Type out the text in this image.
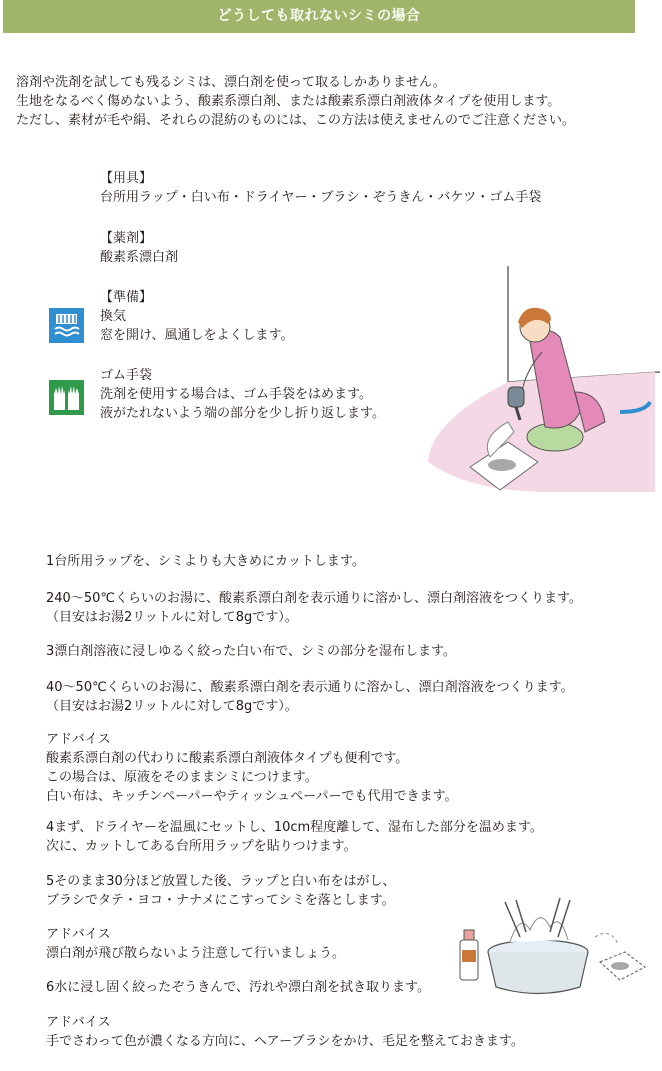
どうしても取れないシミの場合
溶剤や洗剤を試しても残るシミは、漂白剤を使って取るしかありません。
生地をなるべく傷めないよう、酸素系漂白剤、または酸素系漂白剤液体タイプを使用します。
ただし、素材が毛や絹、それらの混紡のものには、この方法は使えませんのでご注意ください。
【用具】
台所用ラップ・白い布・ドライヤー・ブラシ・ぞうきん・バケツ・ゴム手袋
【薬剤】
酸素系漂白剤
【準備】
換気
窓を開け、風通しをよくします。
ゴム手袋
洗剤を使用する場合は、ゴム手袋をはめます。
液がたれないよう端の部分を少し折り返します。
1台所用ラップを、シミよりも大きめにカットします。
240～50℃くらいのお湯に、酸素系漂白剤を表示通りに溶かし、漂白剤溶液をつくります。
（目安はお湯2リットルに対して8gです）。
3漂白剤溶液に浸しゆるく絞った白い布で、シミの部分を湿布します。
40～50℃くらいのお湯に、酸素系漂白剤を表示通りに溶かし、漂白剤溶液をつくります。
（目安はお湯2リットルに対して8gです）。
アドバイス
酸素系漂白剤の代わりに酸素系漂白剤液体タイプも便利です。
この場合は、原液をそのままシミにつけます。
白い布は、キッチンペーパーやティッシュペーパーでも代用できます。
4まず、ドライヤーを温風にセットし、10cm程度離して、湿布した部分を温めます。
次に、カットしてある台所用ラップを貼りつけます。
5そのまま30分ほど放置した後、ラップと白い布をはがし、
ブラシでタテ・ヨコ・ナナメにこすってシミを落とします。
アドバイス
漂白剤が飛び散らないよう注意して行いましょう。
6水に浸し固く絞ったぞうきんで、汚れや漂白剤を拭き取ります。
アドバイス
手でさわって色が濃くなる方向に、ヘアーブラシをかけ、毛足を整えておきます。
